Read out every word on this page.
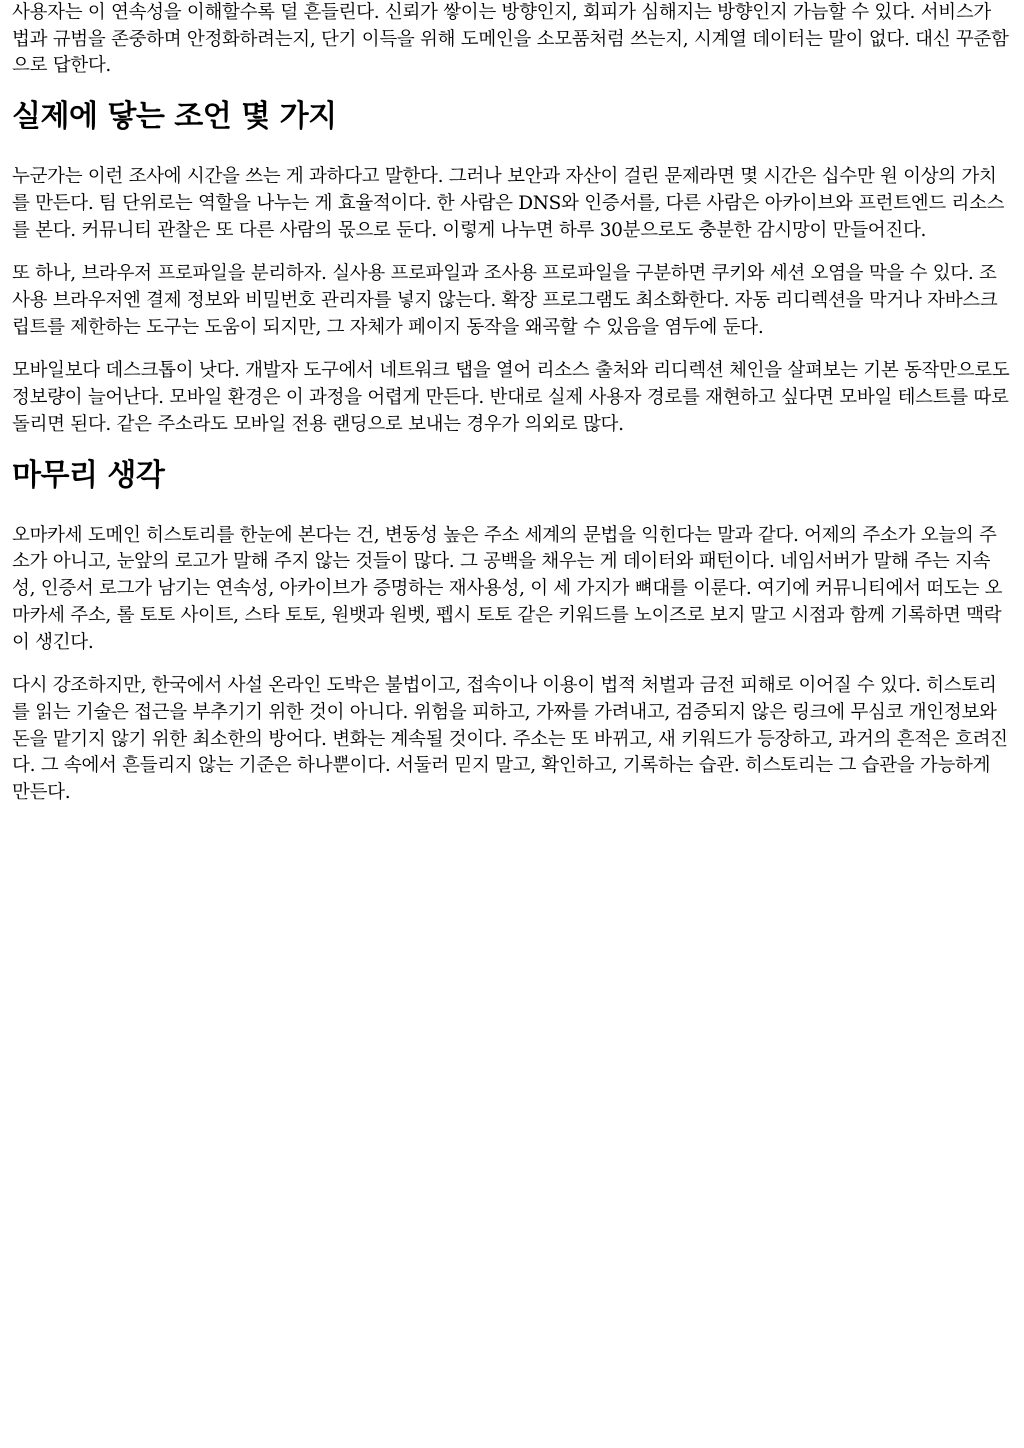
사용자는 이 연속성을 이해할수록 덜 흔들린다. 신뢰가 쌓이는 방향인지, 회피가 심해지는 방향인지 가늠할 수 있다. 서비스가 법과 규범을 존중하며 안정화하려는지, 단기 이득을 위해 도메인을 소모품처럼 쓰는지, 시계열 데이터는 말이 없다. 대신 꾸준함으로 답한다.

실제에 닿는 조언 몇 가지

누군가는 이런 조사에 시간을 쓰는 게 과하다고 말한다. 그러나 보안과 자산이 걸린 문제라면 몇 시간은 십수만 원 이상의 가치를 만든다. 팀 단위로는 역할을 나누는 게 효율적이다. 한 사람은 DNS와 인증서를, 다른 사람은 아카이브와 프런트엔드 리소스를 본다. 커뮤니티 관찰은 또 다른 사람의 몫으로 둔다. 이렇게 나누면 하루 30분으로도 충분한 감시망이 만들어진다.

또 하나, 브라우저 프로파일을 분리하자. 실사용 프로파일과 조사용 프로파일을 구분하면 쿠키와 세션 오염을 막을 수 있다. 조사용 브라우저엔 결제 정보와 비밀번호 관리자를 넣지 않는다. 확장 프로그램도 최소화한다. 자동 리디렉션을 막거나 자바스크립트를 제한하는 도구는 도움이 되지만, 그 자체가 페이지 동작을 왜곡할 수 있음을 염두에 둔다.

모바일보다 데스크톱이 낫다. 개발자 도구에서 네트워크 탭을 열어 리소스 출처와 리디렉션 체인을 살펴보는 기본 동작만으로도 정보량이 늘어난다. 모바일 환경은 이 과정을 어렵게 만든다. 반대로 실제 사용자 경로를 재현하고 싶다면 모바일 테스트를 따로 돌리면 된다. 같은 주소라도 모바일 전용 랜딩으로 보내는 경우가 의외로 많다.

마무리 생각

오마카세 도메인 히스토리를 한눈에 본다는 건, 변동성 높은 주소 세계의 문법을 익힌다는 말과 같다. 어제의 주소가 오늘의 주소가 아니고, 눈앞의 로고가 말해 주지 않는 것들이 많다. 그 공백을 채우는 게 데이터와 패턴이다. 네임서버가 말해 주는 지속성, 인증서 로그가 남기는 연속성, 아카이브가 증명하는 재사용성, 이 세 가지가 뼈대를 이룬다. 여기에 커뮤니티에서 떠도는 오마카세 주소, 롤 토토 사이트, 스타 토토, 원뱃과 원벳, 펩시 토토 같은 키워드를 노이즈로 보지 말고 시점과 함께 기록하면 맥락이 생긴다.

다시 강조하지만, 한국에서 사설 온라인 도박은 불법이고, 접속이나 이용이 법적 처벌과 금전 피해로 이어질 수 있다. 히스토리를 읽는 기술은 접근을 부추기기 위한 것이 아니다. 위험을 피하고, 가짜를 가려내고, 검증되지 않은 링크에 무심코 개인정보와 돈을 맡기지 않기 위한 최소한의 방어다. 변화는 계속될 것이다. 주소는 또 바뀌고, 새 키워드가 등장하고, 과거의 흔적은 흐려진다. 그 속에서 흔들리지 않는 기준은 하나뿐이다. 서둘러 믿지 말고, 확인하고, 기록하는 습관. 히스토리는 그 습관을 가능하게 만든다.
